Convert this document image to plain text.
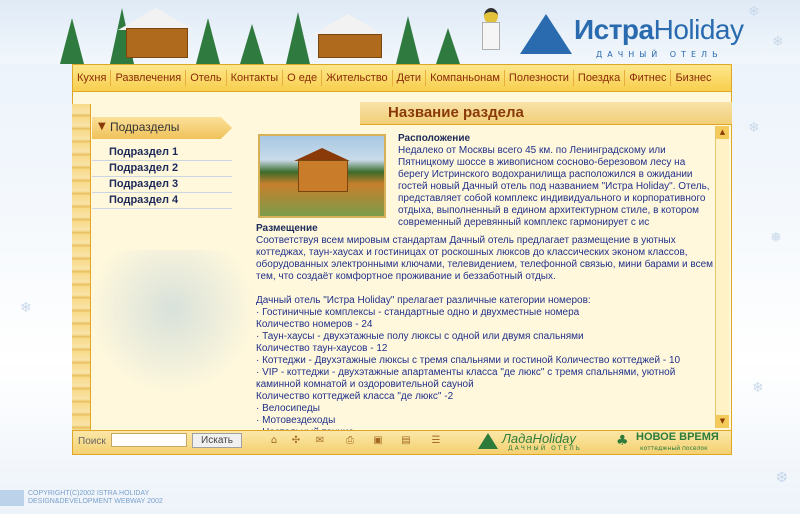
ИстраHoliday
ДАЧНЫЙ ОТЕЛЬ
❄
❄
Кухня Развлечения Отель Контакты О еде Жительство Дети Компаньонам Полезности Поездка Фитнес Бизнес
Название раздела
▼ Подразделы
Подраздел 1
Подраздел 2
Подраздел 3
Подраздел 4
Расположение
Недалеко от Москвы всего 45 км. по Ленинградскому или Пятницкому шоссе в живописном сосново-березовом лесу на берегу Истринского водохранилища расположился в ожидании гостей новый Дачный отель под названием "Истра Holiday". Отель, представляет собой комплекс индивидуального и корпоративного отдыха, выполненный в едином архитектурном стиле, в котором современный деревянный комплекс гармонирует с ис
Размещение

Соответствуя всем мировым стандартам Дачный отель предлагает размещение в уютных коттеджах, таун-хаусах и гостиницах от роскошных люксов до классических эконом классов, оборудованных электронными ключами, телевидением, телефонной связью, мини барами и всем тем, что создаёт комфортное проживание и беззаботный отдых.

Дачный отель "Истра Holiday" прелагает различные категории номеров:

· Гостиничные комплексы - стандартные одно и двухместные номера

Количество номеров - 24

· Таун-хаусы - двухэтажные полу люксы с одной или двумя спальнями

Количество таун-хаусов - 12

· Коттеджи - Двухэтажные люксы с тремя спальнями и гостиной Количество коттеджей - 10

· VIP - коттеджи - двухэтажные апартаменты класса "де люкс" с тремя спальнями, уютной каминной комнатой и оздоровительной сауной

Количество коттеджей класса "де люкс" -2

· Велосипеды

· Мотовездеходы

▲
▼
Поиск	Искать	⌂ ✣ ✉ ⎙ ▣ ▤ ☰	ЛадаHoliday
ДАЧНЫЙ ОТЕЛЬ ♣ НОВОЕ ВРЕМЯ
коттеджный поселок
COPYRIGHT(C)2002 ISTRA HOLIDAY
DESIGN&DEVELOPMENT WEBWAY 2002
❄
❅
❄
❆
❄
